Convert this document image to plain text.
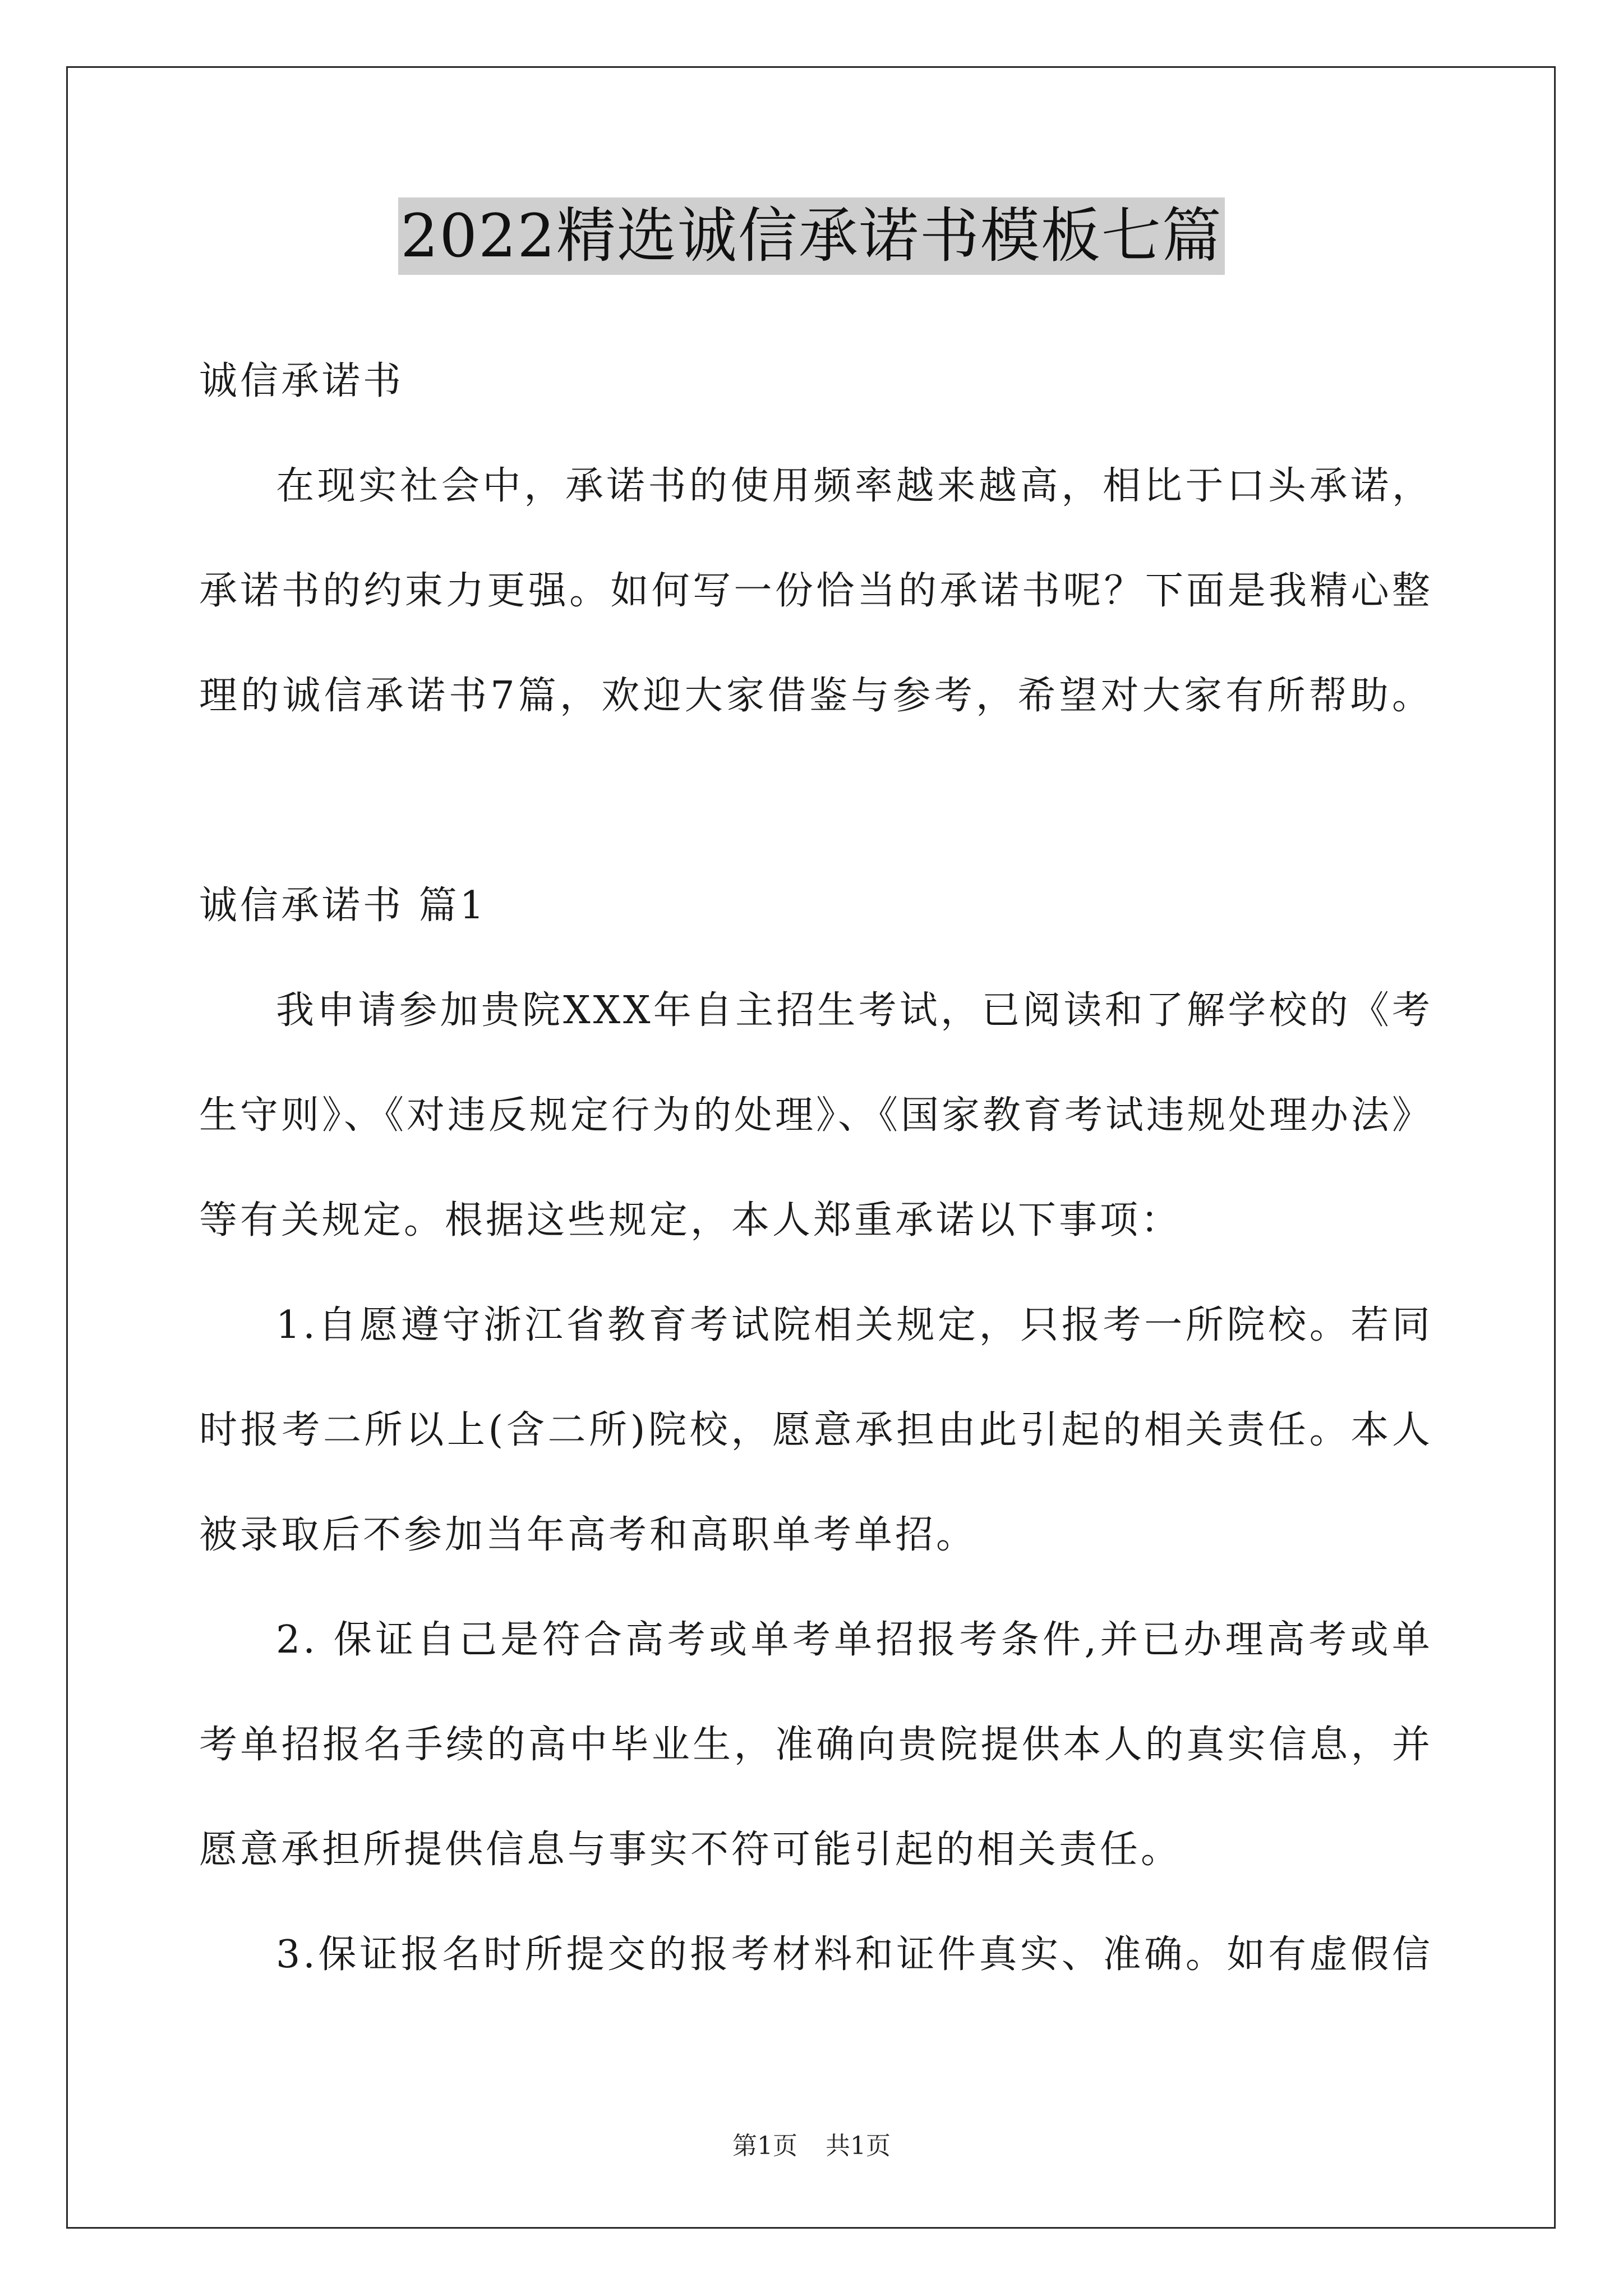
2022精选诚信承诺书模板七篇
诚信承诺书
在现实社会中，承诺书的使用频率越来越高，相比于口头承诺，
承诺书的约束力更强。如何写一份恰当的承诺书呢？下面是我精心整
理的诚信承诺书7篇，欢迎大家借鉴与参考，希望对大家有所帮助。
诚信承诺书 篇1
我申请参加贵院XXX年自主招生考试，已阅读和了解学校的《考
生守则》、《对违反规定行为的处理》、《国家教育考试违规处理办法》
等有关规定。根据这些规定，本人郑重承诺以下事项：
1.自愿遵守浙江省教育考试院相关规定，只报考一所院校。若同
时报考二所以上(含二所)院校，愿意承担由此引起的相关责任。本人
被录取后不参加当年高考和高职单考单招。
2. 保证自己是符合高考或单考单招报考条件,并已办理高考或单
考单招报名手续的高中毕业生，准确向贵院提供本人的真实信息，并
愿意承担所提供信息与事实不符可能引起的相关责任。
3.保证报名时所提交的报考材料和证件真实、准确。如有虚假信
第1页 共1页
